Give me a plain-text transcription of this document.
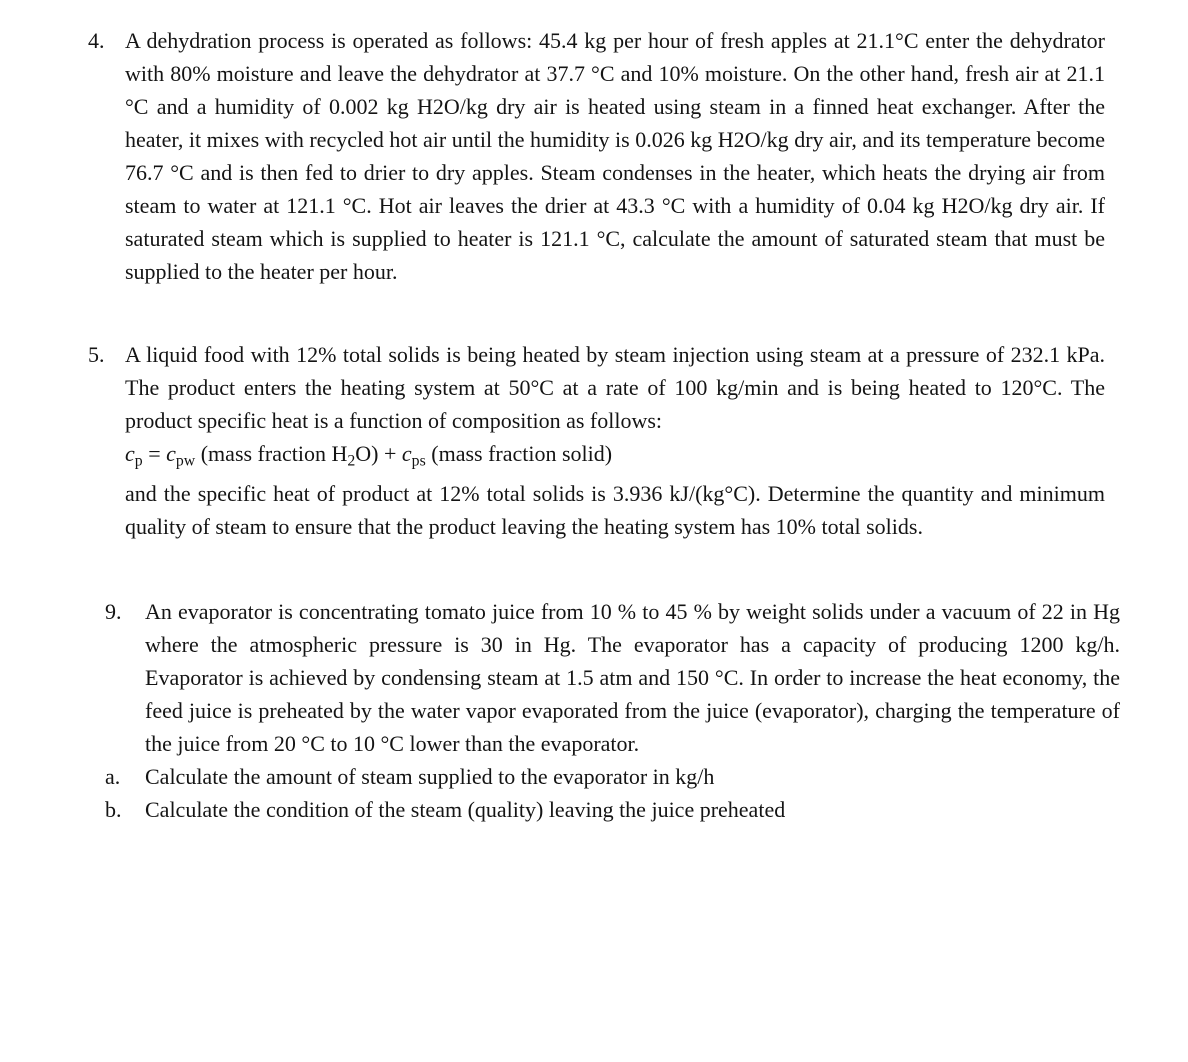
4. A dehydration process is operated as follows: 45.4 kg per hour of fresh apples at 21.1°C enter the dehydrator with 80% moisture and leave the dehydrator at 37.7 °C and 10% moisture. On the other hand, fresh air at 21.1 °C and a humidity of 0.002 kg H2O/kg dry air is heated using steam in a finned heat exchanger. After the heater, it mixes with recycled hot air until the humidity is 0.026 kg H2O/kg dry air, and its temperature become 76.7 °C and is then fed to drier to dry apples. Steam condenses in the heater, which heats the drying air from steam to water at 121.1 °C. Hot air leaves the drier at 43.3 °C with a humidity of 0.04 kg H2O/kg dry air. If saturated steam which is supplied to heater is 121.1 °C, calculate the amount of saturated steam that must be supplied to the heater per hour.
5. A liquid food with 12% total solids is being heated by steam injection using steam at a pressure of 232.1 kPa. The product enters the heating system at 50°C at a rate of 100 kg/min and is being heated to 120°C. The product specific heat is a function of composition as follows:
$c_p = c_{pw}$ (mass fraction $H_2O) + c_{ps}$ (mass fraction solid)
and the specific heat of product at 12% total solids is 3.936 kJ/(kg°C). Determine the quantity and minimum quality of steam to ensure that the product leaving the heating system has 10% total solids.
9.	An evaporator is concentrating tomato juice from 10 % to 45 % by weight solids under a vacuum of 22 in Hg where the atmospheric pressure is 30 in Hg. The evaporator has a capacity of producing 1200 kg/h. Evaporator is achieved by condensing steam at 1.5 atm and 150 °C. In order to increase the heat economy, the feed juice is preheated by the water vapor evaporated from the juice (evaporator), charging the temperature of the juice from 20 °C to 10 °C lower than the evaporator.
a.	Calculate the amount of steam supplied to the evaporator in kg/h
b.	Calculate the condition of the steam (quality) leaving the juice preheated
